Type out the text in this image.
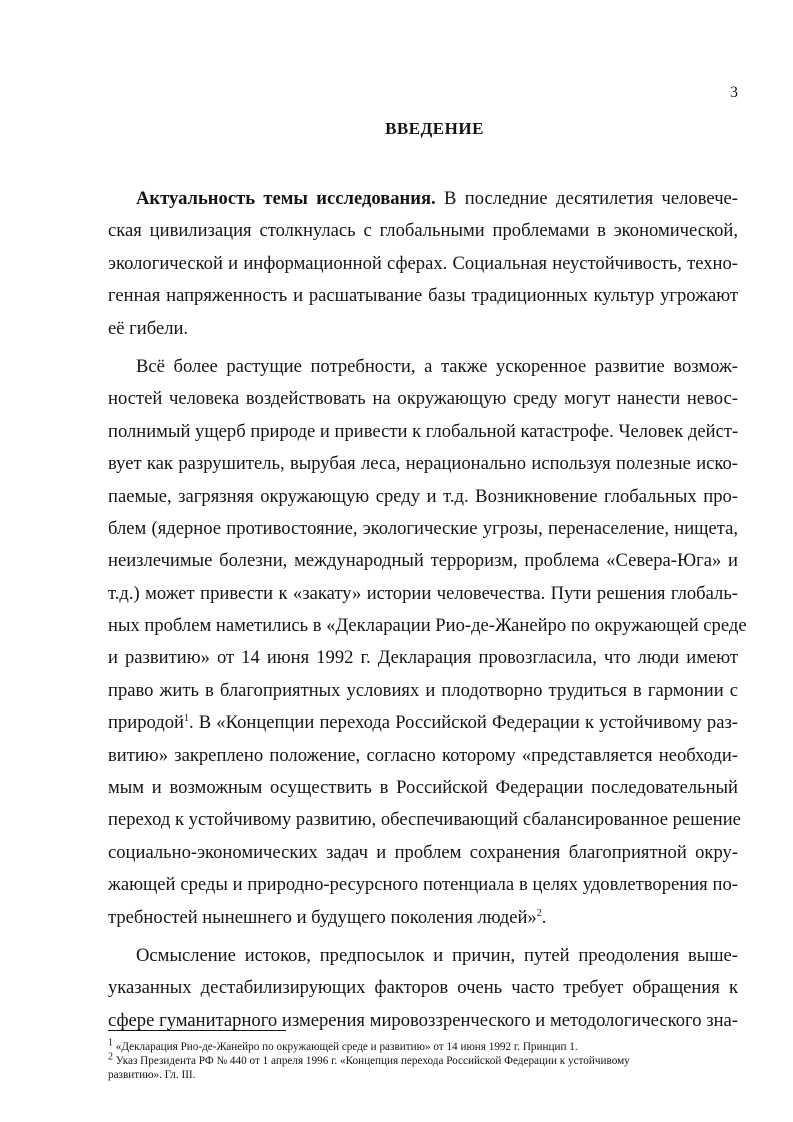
3
ВВЕДЕНИЕ
Актуальность темы исследования. В последние десятилетия человече-
ская цивилизация столкнулась с глобальными проблемами в экономической,
экологической и информационной сферах. Социальная неустойчивость, техно-
генная напряженность и расшатывание базы традиционных культур угрожают
её гибели.
Всё более растущие потребности, а также ускоренное развитие возмож-
ностей человека воздействовать на окружающую среду могут нанести невос-
полнимый ущерб природе и привести к глобальной катастрофе. Человек дейст-
вует как разрушитель, вырубая леса, нерационально используя полезные иско-
паемые, загрязняя окружающую среду и т.д. Возникновение глобальных про-
блем (ядерное противостояние, экологические угрозы, перенаселение, нищета,
неизлечимые болезни, международный терроризм, проблема «Севера-Юга» и
т.д.) может привести к «закату» истории человечества. Пути решения глобаль-
ных проблем наметились в «Декларации Рио-де-Жанейро по окружающей среде
и развитию» от 14 июня 1992 г. Декларация провозгласила, что люди имеют
право жить в благоприятных условиях и плодотворно трудиться в гармонии с
природой$^1$. В «Концепции перехода Российской Федерации к устойчивому раз-
витию» закреплено положение, согласно которому «представляется необходи-
мым и возможным осуществить в Российской Федерации последовательный
переход к устойчивому развитию, обеспечивающий сбалансированное решение
социально-экономических задач и проблем сохранения благоприятной окру-
жающей среды и природно-ресурсного потенциала в целях удовлетворения по-
требностей нынешнего и будущего поколения людей»$^2$.
Осмысление истоков, предпосылок и причин, путей преодоления выше-
указанных дестабилизирующих факторов очень часто требует обращения к
сфере гуманитарного измерения мировоззренческого и методологического зна-
$^1$ «Декларация Рио-де-Жанейро по окружающей среде и развитию» от 14 июня 1992 г. Принцип 1.
$^2$ Указ Президента РФ № 440 от 1 апреля 1996 г. «Концепция перехода Российской Федерации к устойчивому
развитию». Гл. III.
